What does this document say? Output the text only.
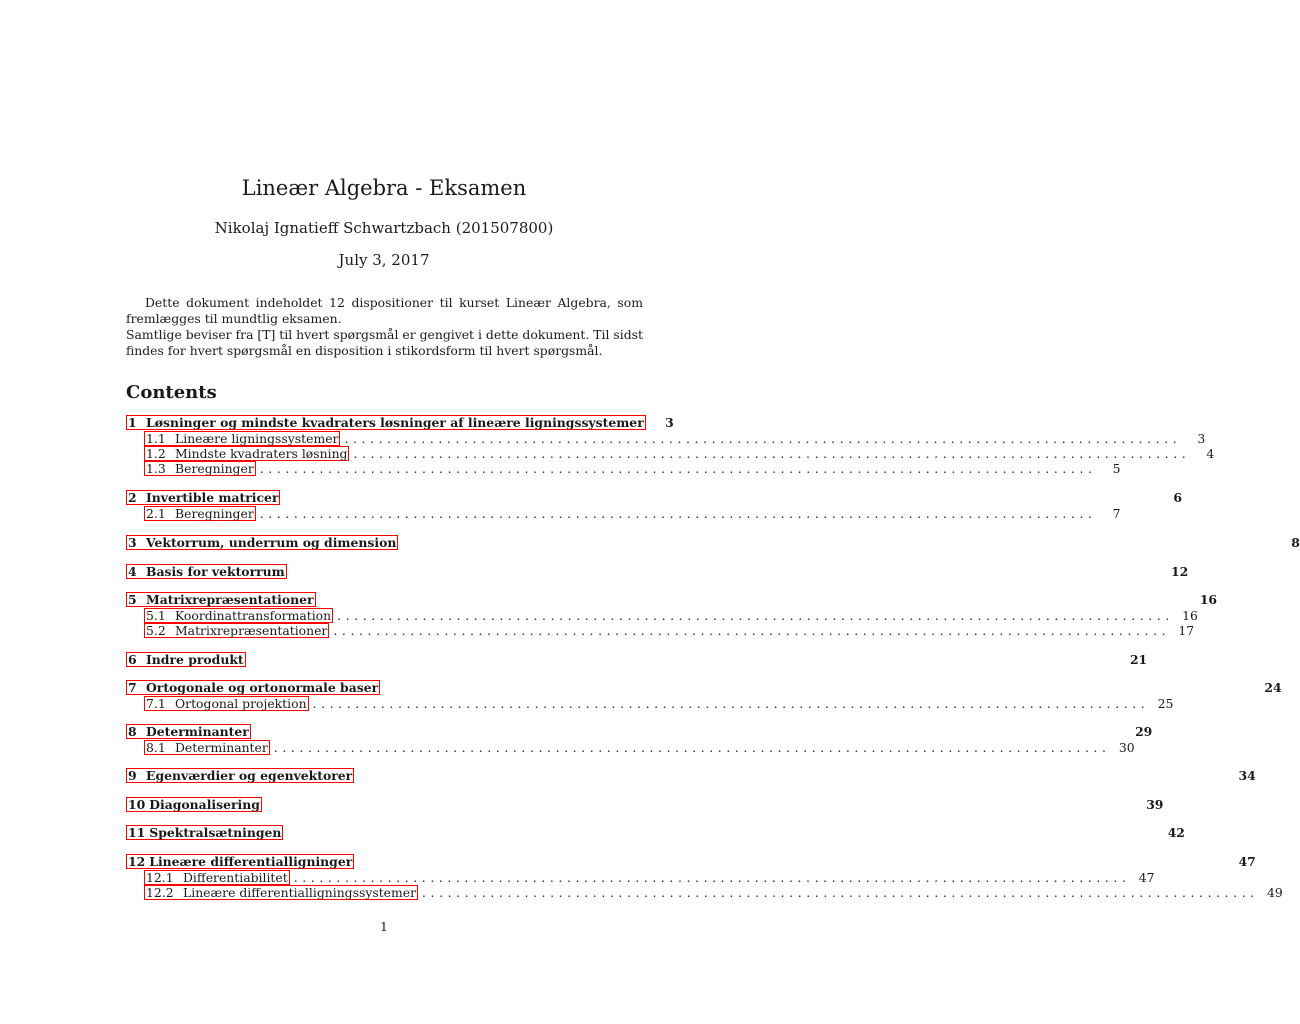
Lineær Algebra - Eksamen
Nikolaj Ignatieff Schwartzbach (201507800)
July 3, 2017

Dette dokument indeholdet 12 dispositioner til kurset Lineær Algebra, som fremlægges til mundtlig eksamen.

Samtlige beviser fra [T] til hvert spørgsmål er gengivet i dette dokument. Til sidst findes for hvert spørgsmål en disposition i stikordsform til hvert spørgsmål.

Contents
1 Løsninger og mindste kvadraters løsninger af lineære ligningssystemer	3
1.1 Lineære ligningssystemer ..................................................................................................	3
1.2 Mindste kvadraters løsning ..................................................................................................	4
1.3 Beregninger ..................................................................................................	5
2 Invertible matricer	6
2.1 Beregninger ..................................................................................................	7
3 Vektorrum, underrum og dimension	8
4 Basis for vektorrum	12
5 Matrixrepræsentationer	16
5.1 Koordinattransformation .................................................................................................. 16
5.2 Matrixrepræsentationer .................................................................................................. 17
6 Indre produkt	21
7 Ortogonale og ortonormale baser	24
7.1 Ortogonal projektion .................................................................................................. 25
8 Determinanter	29
8.1 Determinanter .................................................................................................. 30
9 Egenværdier og egenvektorer	34
10 Diagonalisering	39
11 Spektralsætningen	42
12 Lineære differentialligninger	47
12.1 Differentiabilitet .................................................................................................. 47
12.2 Lineære differentialligningssystemer .................................................................................................. 49
1
